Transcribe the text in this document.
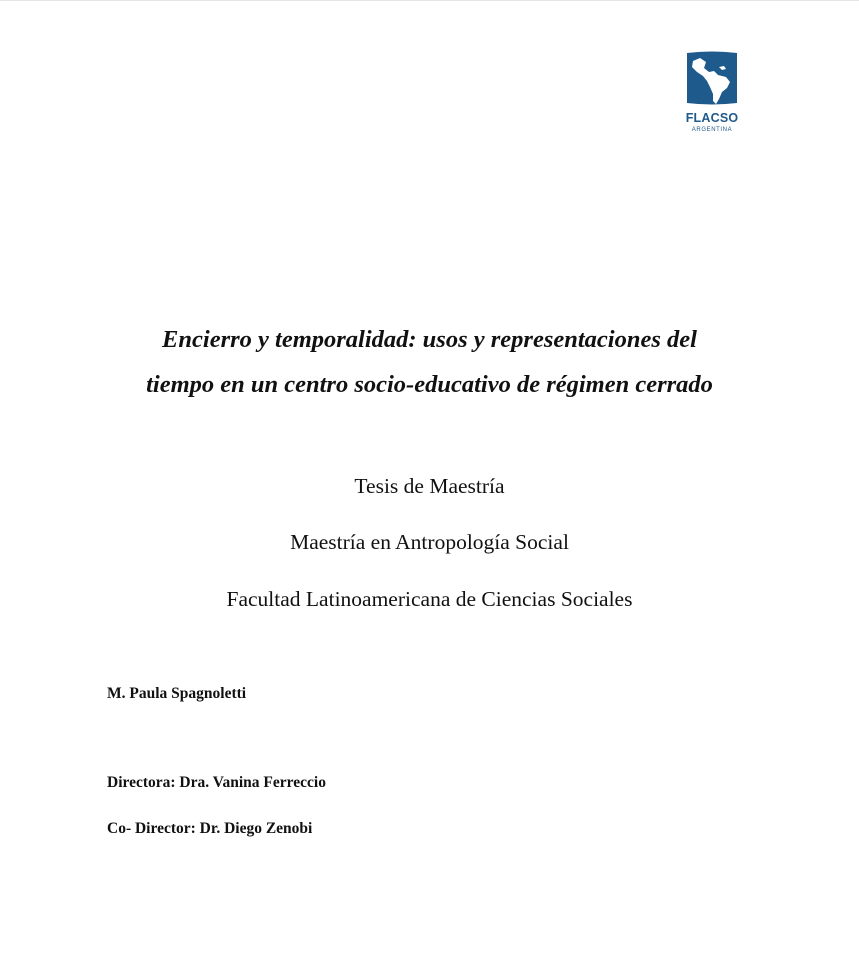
FLACSO
ARGENTINA
Encierro y temporalidad: usos y representaciones del
tiempo en un centro socio-educativo de régimen cerrado

Tesis de Maestría

Maestría en Antropología Social

Facultad Latinoamericana de Ciencias Sociales

M. Paula Spagnoletti

Directora: Dra. Vanina Ferreccio

Co- Director: Dr. Diego Zenobi
